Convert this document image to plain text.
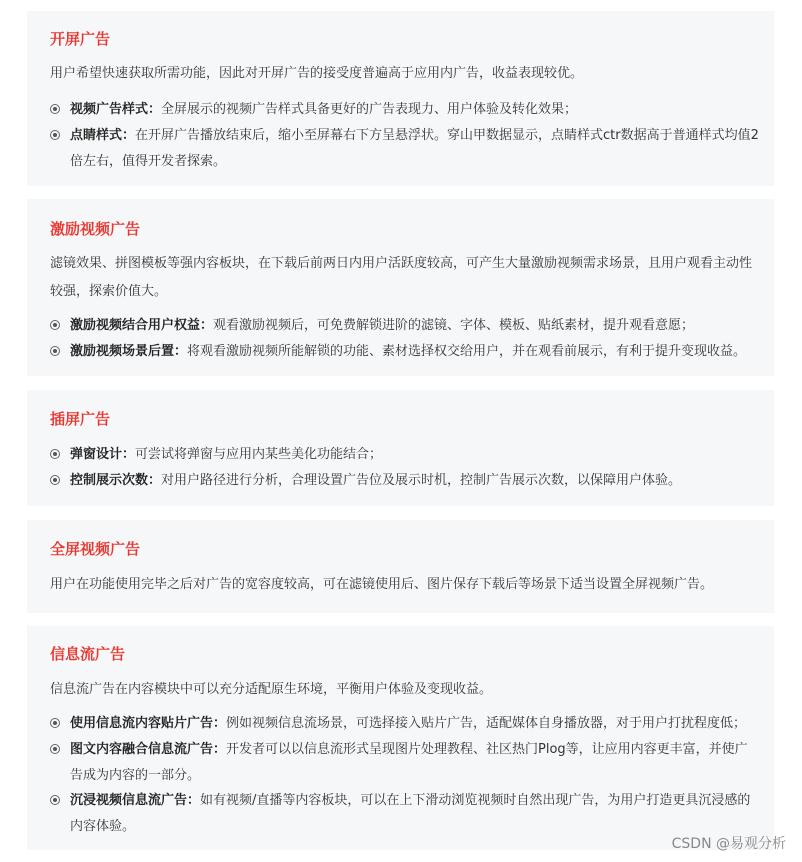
开屏广告
用户希望快速获取所需功能，因此对开屏广告的接受度普遍高于应用内广告，收益表现较优。
视频广告样式：全屏展示的视频广告样式具备更好的广告表现力、用户体验及转化效果；
点睛样式：在开屏广告播放结束后，缩小至屏幕右下方呈悬浮状。穿山甲数据显示，点睛样式ctr数据高于普通样式均值2倍左右，值得开发者探索。
激励视频广告
滤镜效果、拼图模板等强内容板块，在下载后前两日内用户活跃度较高，可产生大量激励视频需求场景，且用户观看主动性较强，探索价值大。
激励视频结合用户权益：观看激励视频后，可免费解锁进阶的滤镜、字体、模板、贴纸素材，提升观看意愿；
激励视频场景后置：将观看激励视频所能解锁的功能、素材选择权交给用户，并在观看前展示，有利于提升变现收益。
插屏广告
弹窗设计：可尝试将弹窗与应用内某些美化功能结合；
控制展示次数：对用户路径进行分析，合理设置广告位及展示时机，控制广告展示次数，以保障用户体验。
全屏视频广告
用户在功能使用完毕之后对广告的宽容度较高，可在滤镜使用后、图片保存下载后等场景下适当设置全屏视频广告。
信息流广告
信息流广告在内容模块中可以充分适配原生环境，平衡用户体验及变现收益。
使用信息流内容贴片广告：例如视频信息流场景，可选择接入贴片广告，适配媒体自身播放器，对于用户打扰程度低；
图文内容融合信息流广告：开发者可以以信息流形式呈现图片处理教程、社区热门Plog等，让应用内容更丰富，并使广告成为内容的一部分。
沉浸视频信息流广告：如有视频/直播等内容板块，可以在上下滑动浏览视频时自然出现广告，为用户打造更具沉浸感的内容体验。
CSDN @易观分析
